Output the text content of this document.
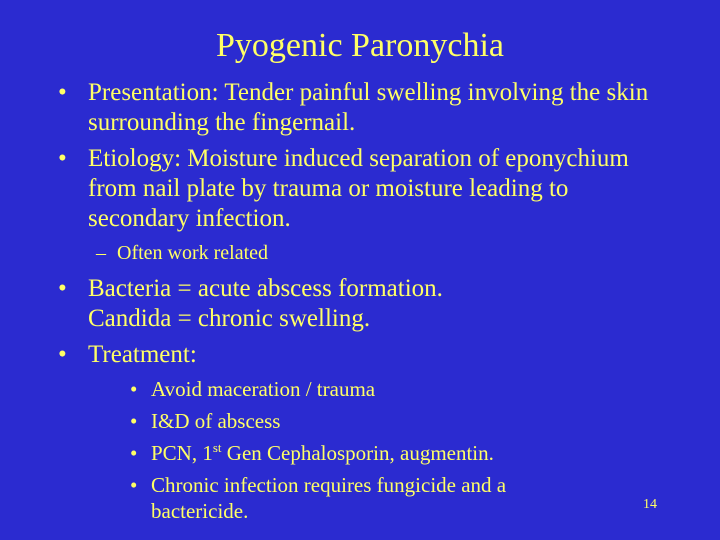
Pyogenic Paronychia
• Presentation: Tender painful swelling involving the skin surrounding the fingernail.
• Etiology: Moisture induced separation of eponychium from nail plate by trauma or moisture leading to secondary infection.
– Often work related
• Bacteria = acute abscess formation. Candida = chronic swelling.
• Treatment:
• Avoid maceration / trauma
• I&D of abscess
• PCN, 1st Gen Cephalosporin, augmentin.
• Chronic infection requires fungicide and a bactericide.	14
